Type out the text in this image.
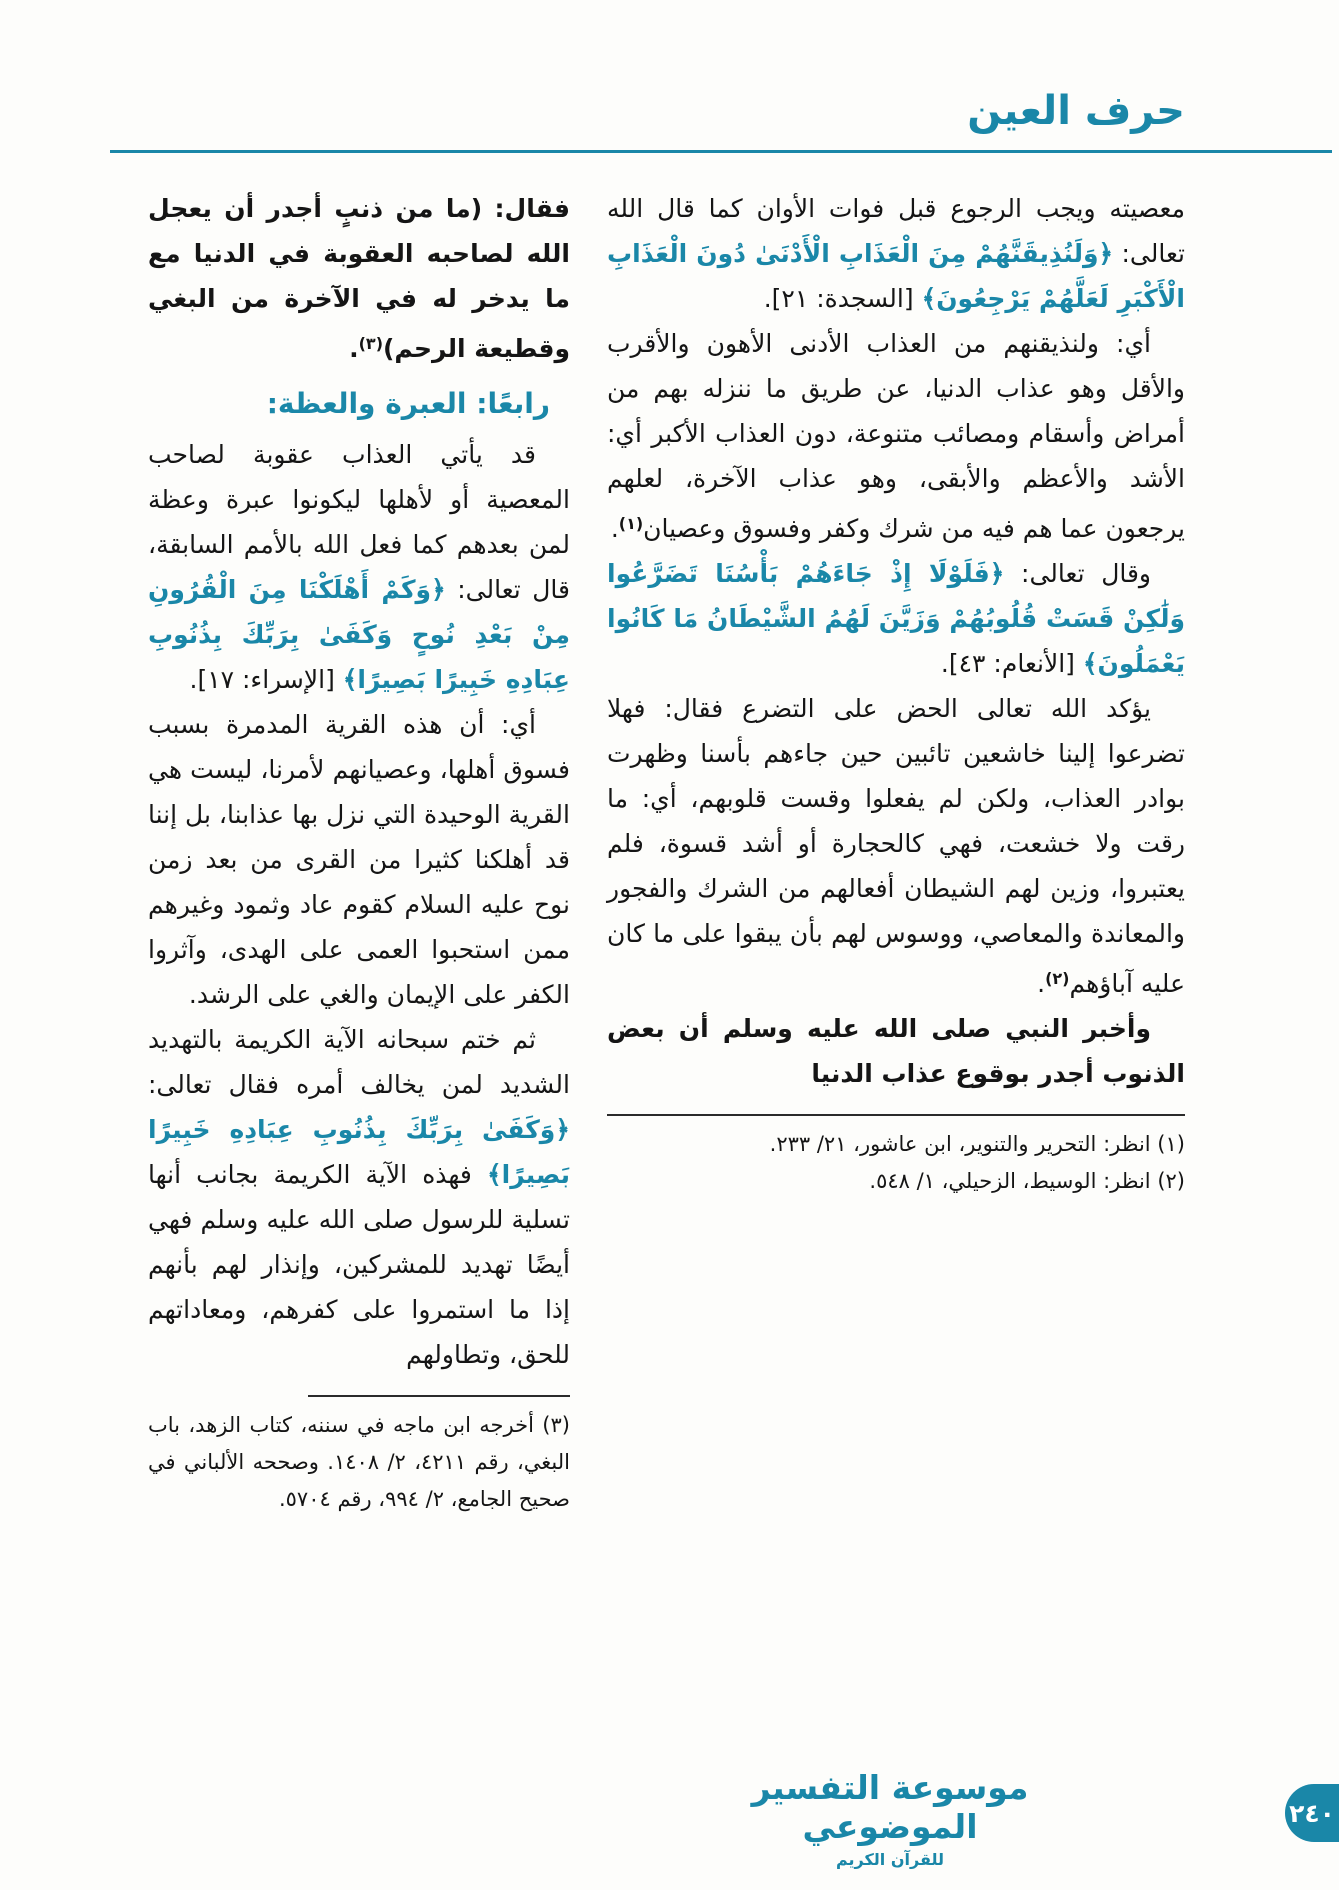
حرف العين

معصيته ويجب الرجوع قبل فوات الأوان كما قال الله تعالى: ﴿وَلَنُذِيقَنَّهُمْ مِنَ الْعَذَابِ الْأَدْنَىٰ دُونَ الْعَذَابِ الْأَكْبَرِ لَعَلَّهُمْ يَرْجِعُونَ﴾ [السجدة: ٢١].

أي: ولنذيقنهم من العذاب الأدنى الأهون والأقرب والأقل وهو عذاب الدنيا، عن طريق ما ننزله بهم من أمراض وأسقام ومصائب متنوعة، دون العذاب الأكبر أي: الأشد والأعظم والأبقى، وهو عذاب الآخرة، لعلهم يرجعون عما هم فيه من شرك وكفر وفسوق وعصيان$^{(١)}$.

وقال تعالى: ﴿فَلَوْلَا إِذْ جَاءَهُمْ بَأْسُنَا تَضَرَّعُوا وَلَٰكِنْ قَسَتْ قُلُوبُهُمْ وَزَيَّنَ لَهُمُ الشَّيْطَانُ مَا كَانُوا يَعْمَلُونَ﴾ [الأنعام: ٤٣].

يؤكد الله تعالى الحض على التضرع فقال: فهلا تضرعوا إلينا خاشعين تائبين حين جاءهم بأسنا وظهرت بوادر العذاب، ولكن لم يفعلوا وقست قلوبهم، أي: ما رقت ولا خشعت، فهي كالحجارة أو أشد قسوة، فلم يعتبروا، وزين لهم الشيطان أفعالهم من الشرك والفجور والمعاندة والمعاصي، ووسوس لهم بأن يبقوا على ما كان عليه آباؤهم$^{(٢)}$.

وأخبر النبي صلى الله عليه وسلم أن بعض الذنوب أجدر بوقوع عذاب الدنيا

(١) انظر: التحرير والتنوير، ابن عاشور، ٢١/ ٢٣٣.

(٢) انظر: الوسيط، الزحيلي، ١/ ٥٤٨.

فقال: (ما من ذنبٍ أجدر أن يعجل الله لصاحبه العقوبة في الدنيا مع ما يدخر له في الآخرة من البغي وقطيعة الرحم)$^{(٣)}$.

رابعًا: العبرة والعظة:

قد يأتي العذاب عقوبة لصاحب المعصية أو لأهلها ليكونوا عبرة وعظة لمن بعدهم كما فعل الله بالأمم السابقة، قال تعالى: ﴿وَكَمْ أَهْلَكْنَا مِنَ الْقُرُونِ مِنْ بَعْدِ نُوحٍ وَكَفَىٰ بِرَبِّكَ بِذُنُوبِ عِبَادِهِ خَبِيرًا بَصِيرًا﴾ [الإسراء: ١٧].

أي: أن هذه القرية المدمرة بسبب فسوق أهلها، وعصيانهم لأمرنا، ليست هي القرية الوحيدة التي نزل بها عذابنا، بل إننا قد أهلكنا كثيرا من القرى من بعد زمن نوح عليه السلام كقوم عاد وثمود وغيرهم ممن استحبوا العمى على الهدى، وآثروا الكفر على الإيمان والغي على الرشد.

ثم ختم سبحانه الآية الكريمة بالتهديد الشديد لمن يخالف أمره فقال تعالى: ﴿وَكَفَىٰ بِرَبِّكَ بِذُنُوبِ عِبَادِهِ خَبِيرًا بَصِيرًا﴾ فهذه الآية الكريمة بجانب أنها تسلية للرسول صلى الله عليه وسلم فهي أيضًا تهديد للمشركين، وإنذار لهم بأنهم إذا ما استمروا على كفرهم، ومعاداتهم للحق، وتطاولهم

(٣) أخرجه ابن ماجه في سننه، كتاب الزهد، باب البغي، رقم ٤٢١١، ٢/ ١٤٠٨. وصححه الألباني في صحيح الجامع، ٢/ ٩٩٤، رقم ٥٧٠٤.

موسوعة التفسير الموضوعي
للقرآن الكريم
٢٤٠
